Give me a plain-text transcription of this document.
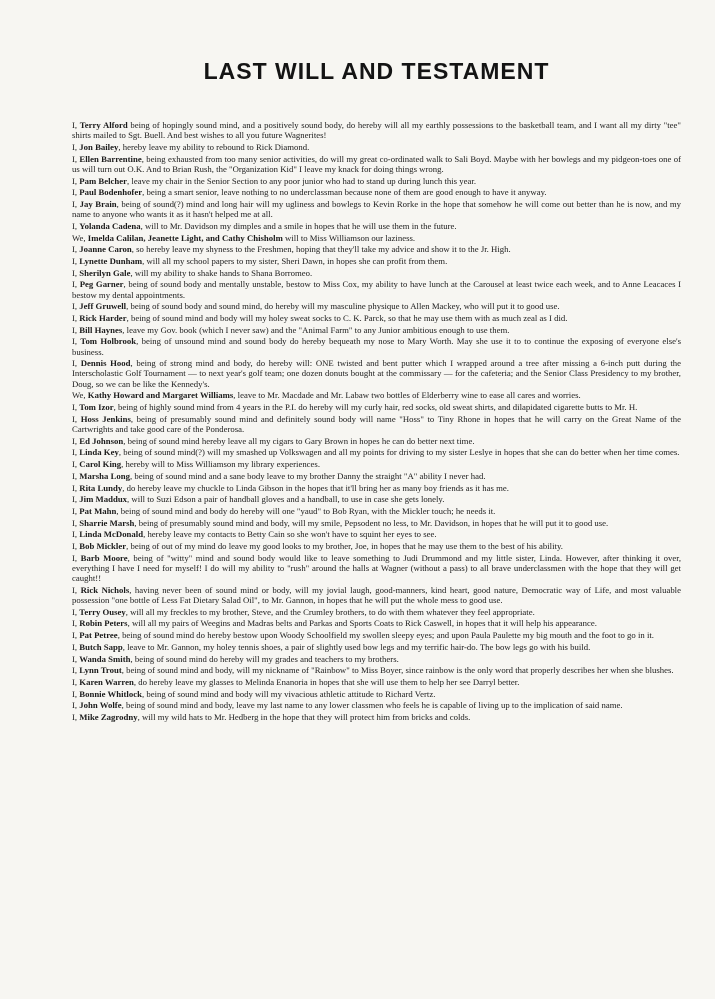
LAST WILL AND TESTAMENT

I, Terry Alford being of hopingly sound mind, and a positively sound body, do hereby will all my earthly possessions to the basketball team, and I want all my dirty "tee" shirts mailed to Sgt. Buell. And best wishes to all you future Wagnerites!

I, Jon Bailey, hereby leave my ability to rebound to Rick Diamond.

I, Ellen Barrentine, being exhausted from too many senior activities, do will my great co-ordinated walk to Sali Boyd. Maybe with her bowlegs and my pidgeon-toes one of us will turn out O.K. And to Brian Rush, the "Organization Kid" I leave my knack for doing things wrong.

I, Pam Belcher, leave my chair in the Senior Section to any poor junior who had to stand up during lunch this year.

I, Paul Bodenhofer, being a smart senior, leave nothing to no underclassman because none of them are good enough to have it anyway.

I, Jay Brain, being of sound(?) mind and long hair will my ugliness and bowlegs to Kevin Rorke in the hope that somehow he will come out better than he is now, and my name to anyone who wants it as it hasn't helped me at all.

I, Yolanda Cadena, will to Mr. Davidson my dimples and a smile in hopes that he will use them in the future.

We, Imelda Calilan, Jeanette Light, and Cathy Chisholm will to Miss Williamson our laziness.

I, Joanne Caron, so hereby leave my shyness to the Freshmen, hoping that they'll take my advice and show it to the Jr. High.

I, Lynette Dunham, will all my school papers to my sister, Sheri Dawn, in hopes she can profit from them.

I, Sherilyn Gale, will my ability to shake hands to Shana Borromeo.

I, Peg Garner, being of sound body and mentally unstable, bestow to Miss Cox, my ability to have lunch at the Carousel at least twice each week, and to Anne Leacaces I bestow my dental appointments.

I, Jeff Gruwell, being of sound body and sound mind, do hereby will my masculine physique to Allen Mackey, who will put it to good use.

I, Rick Harder, being of sound mind and body will my holey sweat socks to C. K. Parck, so that he may use them with as much zeal as I did.

I, Bill Haynes, leave my Gov. book (which I never saw) and the "Animal Farm" to any Junior ambitious enough to use them.

I, Tom Holbrook, being of unsound mind and sound body do hereby bequeath my nose to Mary Worth. May she use it to to continue the exposing of everyone else's business.

I, Dennis Hood, being of strong mind and body, do hereby will: ONE twisted and bent putter which I wrapped around a tree after missing a 6-inch putt during the Interscholastic Golf Tournament — to next year's golf team; one dozen donuts bought at the commissary — for the cafeteria; and the Senior Class Presidency to my brother, Doug, so we can be like the Kennedy's.

We, Kathy Howard and Margaret Williams, leave to Mr. Macdade and Mr. Labaw two bottles of Elderberry wine to ease all cares and worries.

I, Tom Izor, being of highly sound mind from 4 years in the P.I. do hereby will my curly hair, red socks, old sweat shirts, and dilapidated cigarette butts to Mr. H.

I, Hoss Jenkins, being of presumably sound mind and definitely sound body will name "Hoss" to Tiny Rhone in hopes that he will carry on the Great Name of the Cartwrights and take good care of the Ponderosa.

I, Ed Johnson, being of sound mind hereby leave all my cigars to Gary Brown in hopes he can do better next time.

I, Linda Key, being of sound mind(?) will my smashed up Volkswagen and all my points for driving to my sister Leslye in hopes that she can do better when her time comes.

I, Carol King, hereby will to Miss Williamson my library experiences.

I, Marsha Long, being of sound mind and a sane body leave to my brother Danny the straight "A" ability I never had.

I, Rita Lundy, do hereby leave my chuckle to Linda Gibson in the hopes that it'll bring her as many boy friends as it has me.

I, Jim Maddux, will to Suzi Edson a pair of handball gloves and a handball, to use in case she gets lonely.

I, Pat Mahn, being of sound mind and body do hereby will one "yaud" to Bob Ryan, with the Mickler touch; he needs it.

I, Sharrie Marsh, being of presumably sound mind and body, will my smile, Pepsodent no less, to Mr. Davidson, in hopes that he will put it to good use.

I, Linda McDonald, hereby leave my contacts to Betty Cain so she won't have to squint her eyes to see.

I, Bob Mickler, being of out of my mind do leave my good looks to my brother, Joe, in hopes that he may use them to the best of his ability.

I, Barb Moore, being of "witty" mind and sound body would like to leave something to Judi Drummond and my little sister, Linda. However, after thinking it over, everything I have I need for myself! I do will my ability to "rush" around the halls at Wagner (without a pass) to all brave underclassmen with the hope that they will get caught!!

I, Rick Nichols, having never been of sound mind or body, will my jovial laugh, good-manners, kind heart, good nature, Democratic way of Life, and most valuable possession "one bottle of Less Fat Dietary Salad Oil", to Mr. Gannon, in hopes that he will put the whole mess to good use.

I, Terry Ousey, will all my freckles to my brother, Steve, and the Crumley brothers, to do with them whatever they feel appropriate.

I, Robin Peters, will all my pairs of Weegins and Madras belts and Parkas and Sports Coats to Rick Caswell, in hopes that it will help his appearance.

I, Pat Petree, being of sound mind do hereby bestow upon Woody Schoolfield my swollen sleepy eyes; and upon Paula Paulette my big mouth and the foot to go in it.

I, Butch Sapp, leave to Mr. Gannon, my holey tennis shoes, a pair of slightly used bow legs and my terrific hair-do. The bow legs go with his build.

I, Wanda Smith, being of sound mind do hereby will my grades and teachers to my brothers.

I, Lynn Trout, being of sound mind and body, will my nickname of "Rainbow" to Miss Boyer, since rainbow is the only word that properly describes her when she blushes.

I, Karen Warren, do hereby leave my glasses to Melinda Enanoria in hopes that she will use them to help her see Darryl better.

I, Bonnie Whitlock, being of sound mind and body will my vivacious athletic attitude to Richard Vertz.

I, John Wolfe, being of sound mind and body, leave my last name to any lower classmen who feels he is capable of living up to the implication of said name.

I, Mike Zagrodny, will my wild hats to Mr. Hedberg in the hope that they will protect him from bricks and colds.
